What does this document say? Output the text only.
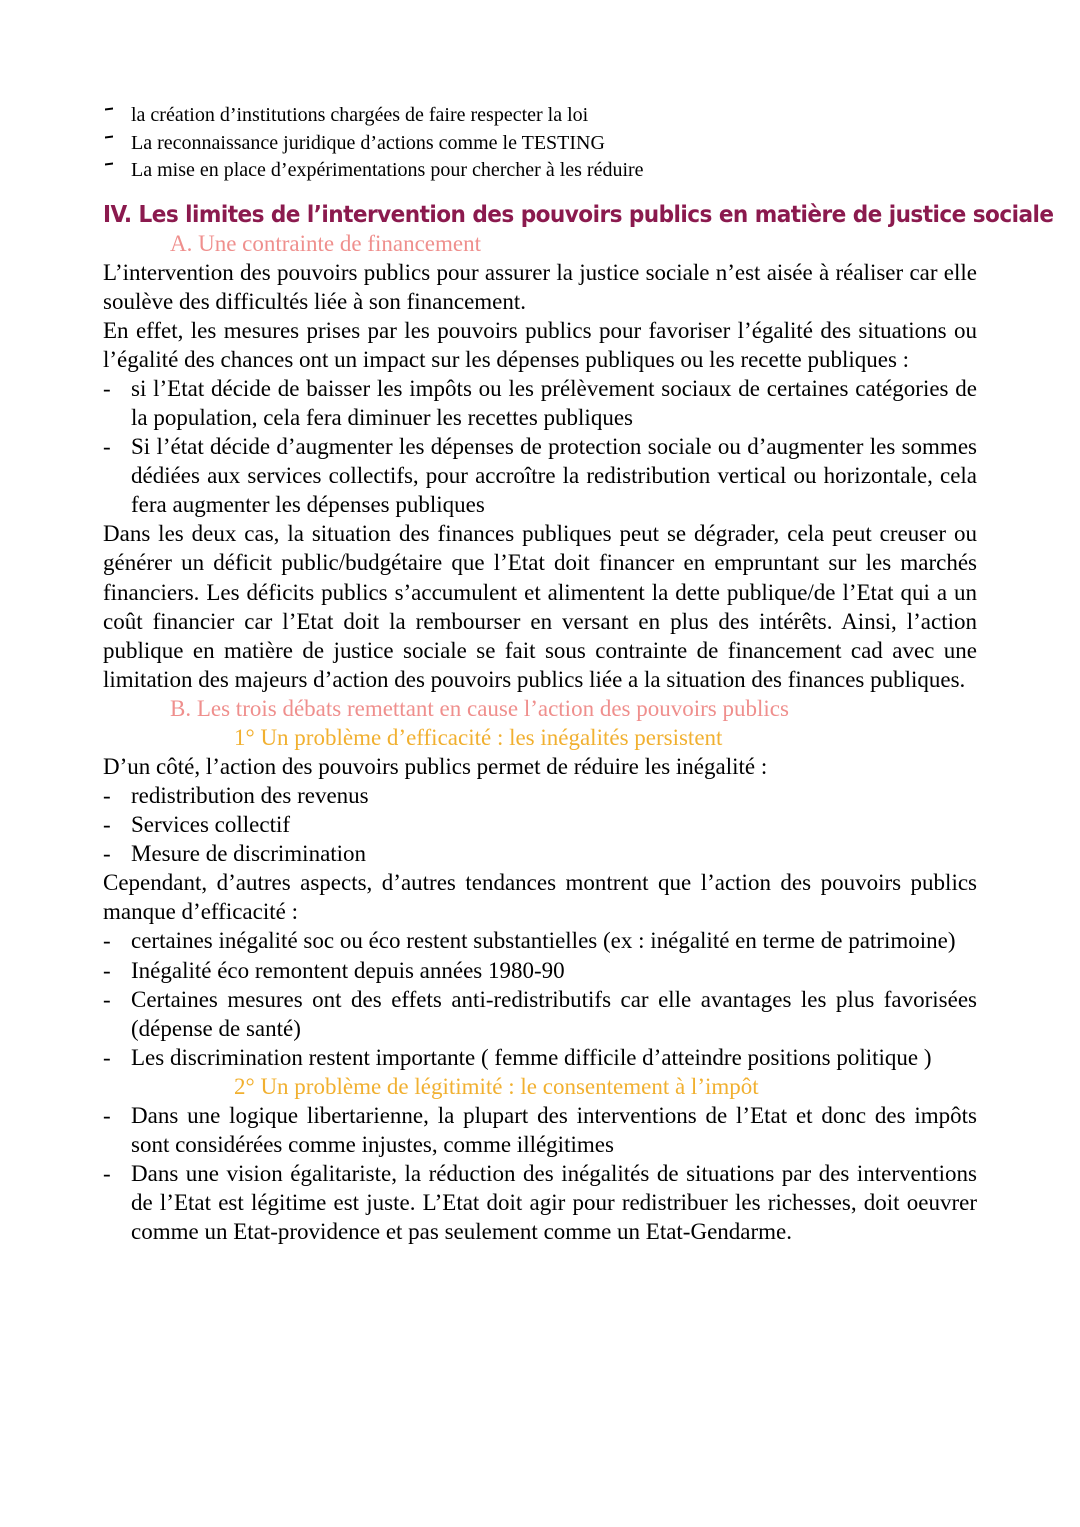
la création d’institutions chargées de faire respecter la loi
La reconnaissance juridique d’actions comme le TESTING
La mise en place d’expérimentations pour chercher à les réduire
IV. Les limites de l’intervention des pouvoirs publics en matière de justice sociale
A. Une contrainte de financement

L’intervention des pouvoirs publics pour assurer la justice sociale n’est aisée à réaliser car elle soulève des difficultés liée à son financement.

En effet, les mesures prises par les pouvoirs publics pour favoriser l’égalité des situations ou l’égalité des chances ont un impact sur les dépenses publiques ou les recette publiques :

- si l’Etat décide de baisser les impôts ou les prélèvement sociaux de certaines catégories de la population, cela fera diminuer les recettes publiques
- Si l’état décide d’augmenter les dépenses de protection sociale ou d’augmenter les sommes dédiées aux services collectifs, pour accroître la redistribution vertical ou horizontale, cela fera augmenter les dépenses publiques

Dans les deux cas, la situation des finances publiques peut se dégrader, cela peut creuser ou générer un déficit public/budgétaire que l’Etat doit financer en empruntant sur les marchés financiers. Les déficits publics s’accumulent et alimentent la dette publique/de l’Etat qui a un coût financier car l’Etat doit la rembourser en versant en plus des intérêts. Ainsi, l’action publique en matière de justice sociale se fait sous contrainte de financement cad avec une limitation des majeurs d’action des pouvoirs publics liée a la situation des finances publiques.

B. Les trois débats remettant en cause l’action des pouvoirs publics
1° Un problème d’efficacité : les inégalités persistent

D’un côté, l’action des pouvoirs publics permet de réduire les inégalité :

- redistribution des revenus
- Services collectif
- Mesure de discrimination

Cependant, d’autres aspects, d’autres tendances montrent que l’action des pouvoirs publics manque d’efficacité :

- certaines inégalité soc ou éco restent substantielles (ex : inégalité en terme de patrimoine)
- Inégalité éco remontent depuis années 1980-90
- Certaines mesures ont des effets anti-redistributifs car elle avantages les plus favorisées (dépense de santé)
- Les discrimination restent importante ( femme difficile d’atteindre positions politique )
2° Un problème de légitimité : le consentement à l’impôt
- Dans une logique libertarienne, la plupart des interventions de l’Etat et donc des impôts sont considérées comme injustes, comme illégitimes
- Dans une vision égalitariste, la réduction des inégalités de situations par des interventions de l’Etat est légitime est juste. L’Etat doit agir pour redistribuer les richesses, doit oeuvrer comme un Etat-providence et pas seulement comme un Etat-Gendarme.
